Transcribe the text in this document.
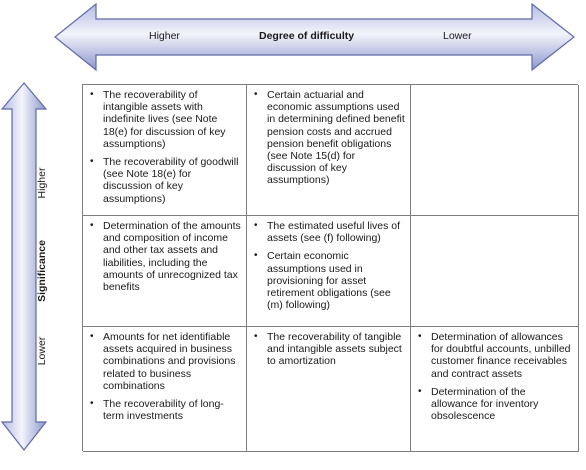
Higher	Degree of difficulty	Lower
Higher
Significance
Lower
• The recoverability of intangible assets with indefinite lives (see Note 18(e) for discussion of key assumptions)
• The recoverability of goodwill (see Note 18(e) for discussion of key assumptions)
• Certain actuarial and economic assumptions used in determining defined benefit pension costs and accrued pension benefit obligations (see Note 15(d) for discussion of key assumptions)
• Determination of the amounts and composition of income and other tax assets and liabilities, including the amounts of unrecognized tax benefits
• The estimated useful lives of assets (see (f) following)
• Certain economic assumptions used in provisioning for asset retirement obligations (see (m) following)
• Amounts for net identifiable assets acquired in business combinations and provisions related to business combinations
• The recoverability of long-term investments
• The recoverability of tangible and intangible assets subject to amortization
• Determination of allowances for doubtful accounts, unbilled customer finance receivables and contract assets
• Determination of the allowance for inventory obsolescence
